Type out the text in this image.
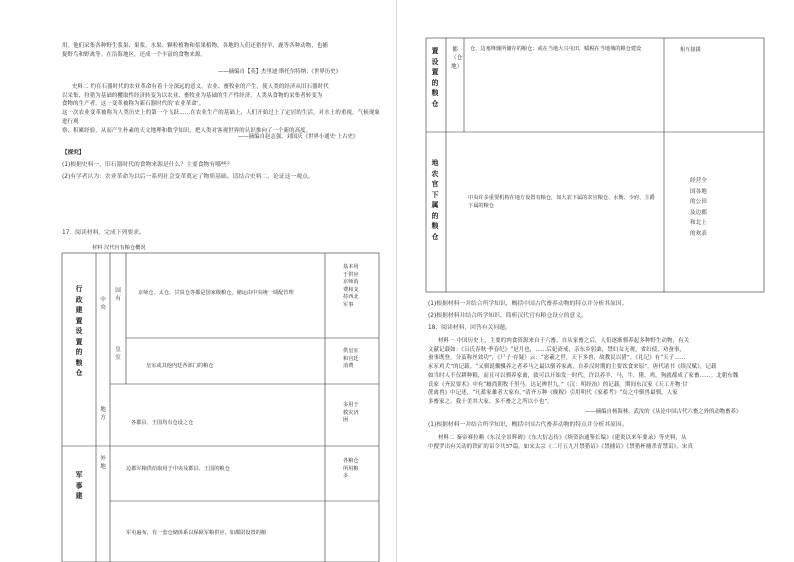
用。他们采集各种野生浆果、果浆、水果、颗粒植物和浆果植物。各地的人们还猎狩羊、鹿等各种动物，也捕
捉野鸟和野禽等。在沿海地区，还成一个丰富的食物来源。
——摘编自【英】杰里迪·斯托尔特纳：《世界历史》
史料二 约在石器时代的农业革命有着十分深远的意义。农业、畜牧业的产生，使人类的经济从旧石器时代
以采集、狩猎为基础的攫取性经济转变为以农业、畜牧业为基础的生产性经济。人类从食物的采集者转变为
食物的生产者。这一变革被称为新石器时代的‘农业革命’。
这一次农业变革被称为人类历史上的第一个飞跃……在农业生产的基础上，人们开始过上了定居的生活，对水土的重视，气候现象进行观
察、积累经验，从而产生朴素的天文地理和数学知识，把人类对客观世界的认识推向了一个新的高度。
——摘编自赵志强、刘国庆《世界小通史·上古史》
【探究】
(1)根据史料一，旧石器时代的食物来源是什么？主要食物有哪些？
(2)有学者认为：农业革命为以后一系列社会变革奠定了物质基础。请结合史料二，论证这一观点。
17．阅读材料，完成下列要求。
材料 汉代官有粮仓概况
行政建置设置的粮仓
军事建
中央
地方
外地
国有
皇室
京师仓、太仓、甘泉仓等都是国家级粮仓，储运由中央统一调配管理
基本用于供应京师消费和支持西北军事
皇室或其他内廷各部门的粮仓
供皇室和宫廷消费
各郡县、王国均有仓设之仓
多用于救灾济困
边郡军粮供给取用于中央及郡县、王国的粮仓
各粮仓所用粮多
军屯遍布，有一套仓储体系以保障军粮供应，如都尉设置的粮
置设置的粮仓
都（仓地）
仓、边塞烽燧所储存的粮仓；或在当地大兴屯田，赋税在当地城的粮仓建设	相互接援
地农官下属的粮仓
中央许多重要机构在地方设置有粮仓，如大农下属的农官粮仓、水衡、少府、主爵下属的粮仓
经营全国各地的公田及边郡和北上的欢表
(1)根据材料一并结合所学知识，概括中国古代畜养动物的特点并分析其原因。
(2)根据材料并结合所学知识，简析汉代官有粮仓设立的意义。
18．阅读材料，回答有关问题。
材料一 中国历史上，主要的肉食资源来自于六畜。自从家畜之后，人们逐渐驯养起多种野生动物，有关
文献记载如：《吕氏春秋·季春纪》“是月也，……后妃斋戒，亲东乡躬桑，禁妇女无观，省妇使，劝蚕事，
蚕事既登，分茧称丝效功”，《尸子·存疑》云：“宓羲之世，天下多兽，故教民以猎”。《礼记》有“天子……
豕豕鸡犬”的记载。“又驯说骥骥养之者养马之最以驯养家禽，自养汉时期的主要饮食来原”。唐代诸书《续汉赋》，记载
如当时人不仅耕种粮，而且可以驯养家禽，致可以开始发一时代，许以养羊，马，牛，猪，鸡，狗就都成了家畜……。北朝东魏
氏家《齐民要术》中有“厩尚朝牧千里马，达足辨世九。”《汉：明经治》的记载。期间东汉家《天工开物·甘
蔗禽兽》中记述，“凡蓄家雄者大家有。”清齐万种《晚稼》引用明代《家蓄考》“岛之中驯兽最驯，人家
多畜家之。我十美其大家，多不畜之之所以小也”。
——摘编自杨海林、武汝的《从论中国古代六畜之外的动物畜养》
(1)根据材料一并结合所学知识，概括中国古代畜养动物的特点并分析其原因。
材料二 秦帝赛拉赖《东汉全景辉碑》《东大衍志传》《续资治通鉴长编》《建炎以来年要录》等史料，从
中搜罗出有关动的铁矿的诏令共57篇。如宋太宗《二月五九月禁猎诏》《禁捕诏》《禁猎杯捕杀青禁诏》，宋真
